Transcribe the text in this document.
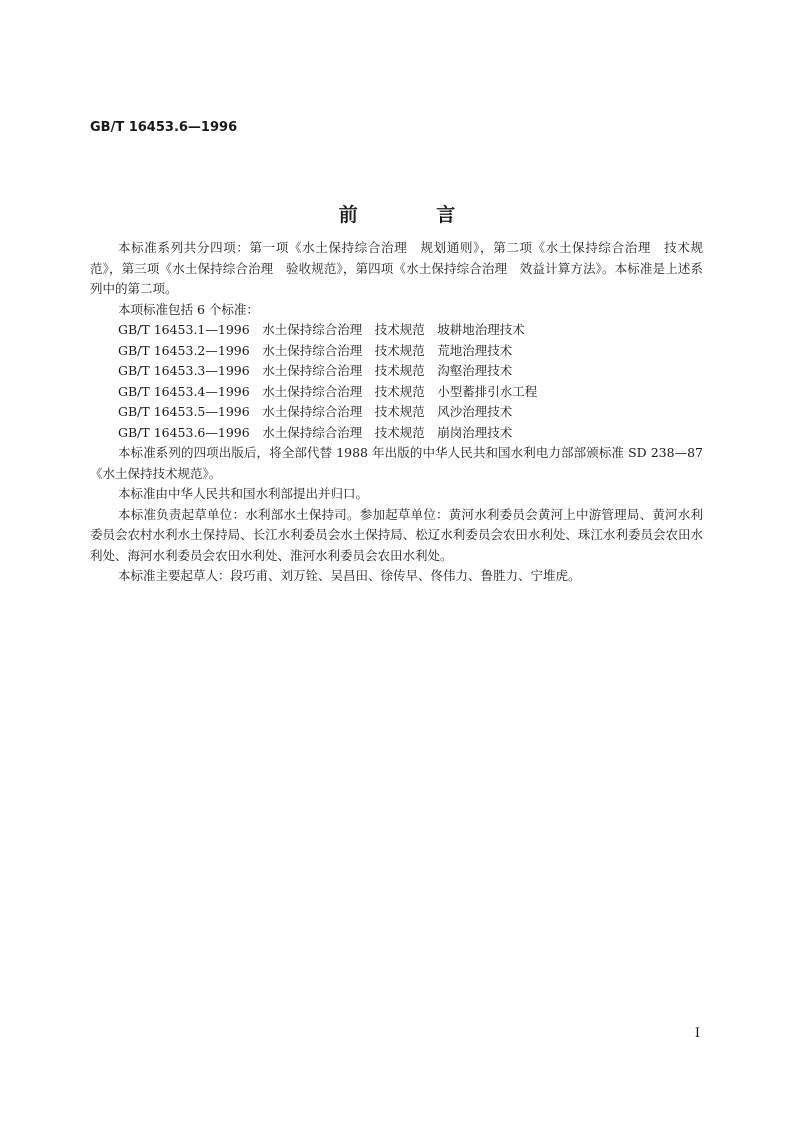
GB/T 16453.6—1996
前 言

本标准系列共分四项：第一项《水土保持综合治理　规划通则》，第二项《水土保持综合治理　技术规范》，第三项《水土保持综合治理　验收规范》，第四项《水土保持综合治理　效益计算方法》。本标准是上述系列中的第二项。

本项标准包括 6 个标准：

GB/T 16453.1—1996　水土保持综合治理　技术规范　坡耕地治理技术

GB/T 16453.2—1996　水土保持综合治理　技术规范　荒地治理技术

GB/T 16453.3—1996　水土保持综合治理　技术规范　沟壑治理技术

GB/T 16453.4—1996　水土保持综合治理　技术规范　小型蓄排引水工程

GB/T 16453.5—1996　水土保持综合治理　技术规范　风沙治理技术

GB/T 16453.6—1996　水土保持综合治理　技术规范　崩岗治理技术

本标准系列的四项出版后，将全部代替 1988 年出版的中华人民共和国水利电力部部颁标准 SD 238—87《水土保持技术规范》。

本标准由中华人民共和国水利部提出并归口。

本标准负责起草单位：水利部水土保持司。参加起草单位：黄河水利委员会黄河上中游管理局、黄河水利委员会农村水利水土保持局、长江水利委员会水土保持局、松辽水利委员会农田水利处、珠江水利委员会农田水利处、海河水利委员会农田水利处、淮河水利委员会农田水利处。

本标准主要起草人：段巧甫、刘万铨、吴昌田、徐传早、佟伟力、鲁胜力、宁堆虎。

I
